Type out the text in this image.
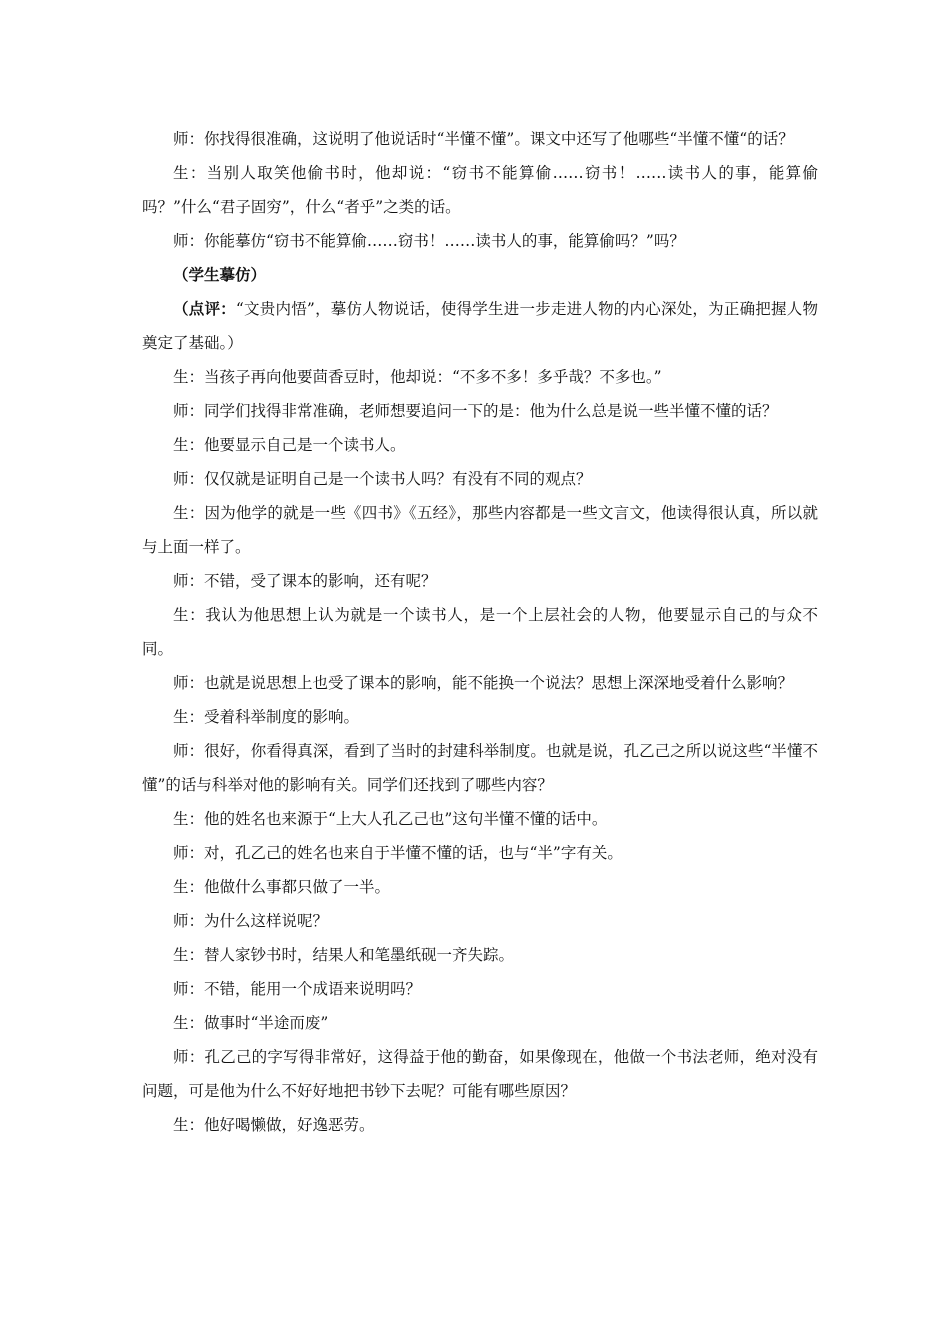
师：你找得很准确，这说明了他说话时“半懂不懂”。课文中还写了他哪些“半懂不懂“的话？

生：当别人取笑他偷书时，他却说：“窃书不能算偷……窃书！……读书人的事，能算偷吗？”什么“君子固穷”，什么“者乎”之类的话。

师：你能摹仿“窃书不能算偷……窃书！……读书人的事，能算偷吗？”吗？

（学生摹仿）

（点评：“文贵内悟”，摹仿人物说话，使得学生进一步走进人物的内心深处，为正确把握人物奠定了基础。）

生：当孩子再向他要茴香豆时，他却说：“不多不多！多乎哉？不多也。”

师：同学们找得非常准确，老师想要追问一下的是：他为什么总是说一些半懂不懂的话？

生：他要显示自己是一个读书人。

师：仅仅就是证明自己是一个读书人吗？有没有不同的观点？

生：因为他学的就是一些《四书》《五经》，那些内容都是一些文言文，他读得很认真，所以就与上面一样了。

师：不错，受了课本的影响，还有呢？

生：我认为他思想上认为就是一个读书人，是一个上层社会的人物，他要显示自己的与众不同。

师：也就是说思想上也受了课本的影响，能不能换一个说法？思想上深深地受着什么影响？

生：受着科举制度的影响。

师：很好，你看得真深，看到了当时的封建科举制度。也就是说，孔乙己之所以说这些“半懂不懂”的话与科举对他的影响有关。同学们还找到了哪些内容？

生：他的姓名也来源于“上大人孔乙己也”这句半懂不懂的话中。

师：对，孔乙己的姓名也来自于半懂不懂的话，也与“半”字有关。

生：他做什么事都只做了一半。

师：为什么这样说呢？

生：替人家钞书时，结果人和笔墨纸砚一齐失踪。

师：不错，能用一个成语来说明吗？

生：做事时“半途而废”

师：孔乙己的字写得非常好，这得益于他的勤奋，如果像现在，他做一个书法老师，绝对没有问题，可是他为什么不好好地把书钞下去呢？可能有哪些原因？

生：他好喝懒做，好逸恶劳。
